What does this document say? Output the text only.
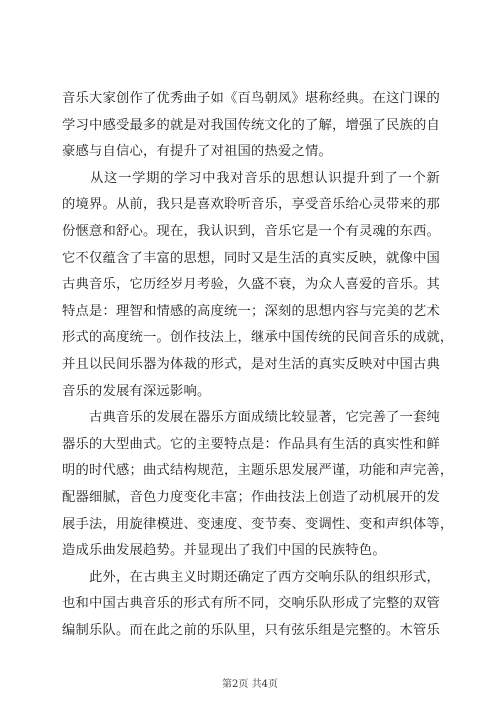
音乐大家创作了优秀曲子如《百鸟朝凤》堪称经典。在这门课的
学习中感受最多的就是对我国传统文化的了解，增强了民族的自
豪感与自信心，有提升了对祖国的热爱之情。
　　从这一学期的学习中我对音乐的思想认识提升到了一个新
的境界。从前，我只是喜欢聆听音乐，享受音乐给心灵带来的那
份惬意和舒心。现在，我认识到，音乐它是一个有灵魂的东西。
它不仅蕴含了丰富的思想，同时又是生活的真实反映，就像中国
古典音乐，它历经岁月考验，久盛不衰，为众人喜爱的音乐。其
特点是：理智和情感的高度统一；深刻的思想内容与完美的艺术
形式的高度统一。创作技法上，继承中国传统的民间音乐的成就，
并且以民间乐器为体裁的形式，是对生活的真实反映对中国古典
音乐的发展有深远影响。
　　古典音乐的发展在器乐方面成绩比较显著，它完善了一套纯
器乐的大型曲式。它的主要特点是：作品具有生活的真实性和鲜
明的时代感；曲式结构规范，主题乐思发展严谨，功能和声完善，
配器细腻，音色力度变化丰富；作曲技法上创造了动机展开的发
展手法，用旋律模进、变速度、变节奏、变调性、变和声织体等，
造成乐曲发展趋势。并显现出了我们中国的民族特色。
　　此外，在古典主义时期还确定了西方交响乐队的组织形式，
也和中国古典音乐的形式有所不同，交响乐队形成了完整的双管
编制乐队。而在此之前的乐队里，只有弦乐组是完整的。木管乐
第2页 共4页
